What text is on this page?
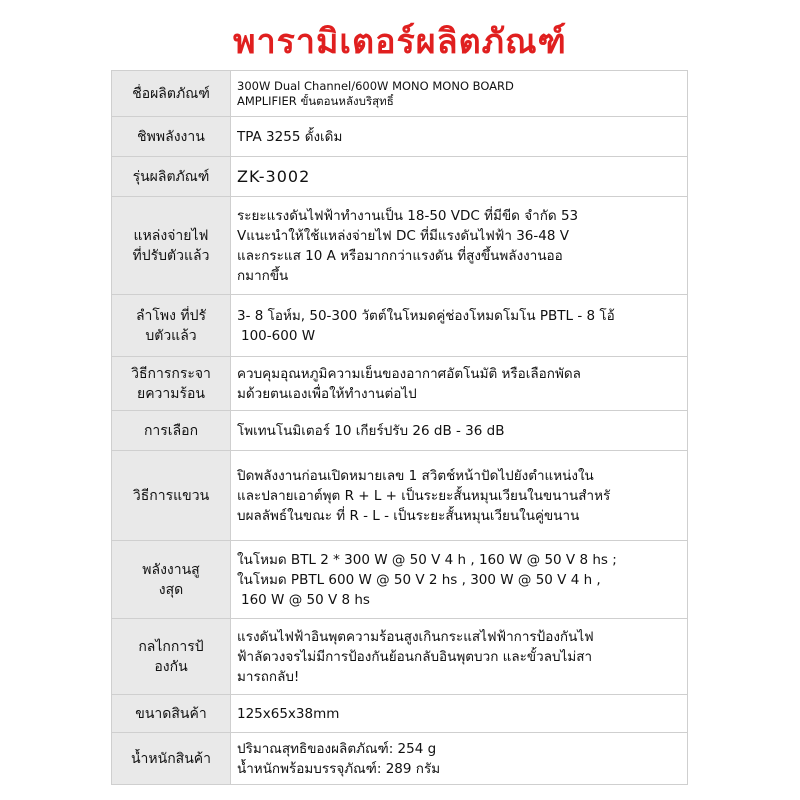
พารามิเตอร์ผลิตภัณฑ์
ชื่อผลิตภัณฑ์	300W Dual Channel/600W MONO MONO BOARD
AMPLIFIER ขั้นตอนหลังบริสุทธิ์

ชิพพลังงาน	TPA 3255 ดั้งเดิม

รุ่นผลิตภัณฑ์	ZK-3002

แหล่งจ่ายไฟ
ที่ปรับตัวแล้ว	ระยะแรงดันไฟฟ้าทำงานเป็น 18-50 VDC ที่มีขีด จำกัด 53
Vแนะนำให้ใช้แหล่งจ่ายไฟ DC ที่มีแรงดันไฟฟ้า 36-48 V
และกระแส 10 A หรือมากกว่าแรงดัน ที่สูงขึ้นพลังงานออ
กมากขึ้น

ลำโพง ที่ปรั
บตัวแล้ว	3- 8 โอห์ม, 50-300 วัตต์ในโหมดคู่ช่องโหมดโมโน PBTL - 8 โอ้
100-600 W

วิธีการกระจา
ยความร้อน	ควบคุมอุณหภูมิความเย็นของอากาศอัตโนมัติ หรือเลือกพัดล
มด้วยตนเองเพื่อให้ทำงานต่อไป

การเลือก	โพเทนโนมิเตอร์ 10 เกียร์ปรับ 26 dB - 36 dB

วิธีการแขวน	ปิดพลังงานก่อนเปิดหมายเลข 1 สวิตช์หน้าปัดไปยังตำแหน่งใน
และปลายเอาต์พุต R + L + เป็นระยะสั้นหมุนเวียนในขนานสำหรั
บผลลัพธ์ในขณะ ที่ R - L - เป็นระยะสั้นหมุนเวียนในคู่ขนาน

พลังงานสู
งสุด	ในโหมด BTL 2 * 300 W @ 50 V 4 h , 160 W @ 50 V 8 hs ;
ในโหมด PBTL 600 W @ 50 V 2 hs , 300 W @ 50 V 4 h ,
160 W @ 50 V 8 hs

กลไกการป้
องกัน	แรงดันไฟฟ้าอินพุตความร้อนสูงเกินกระแสไฟฟ้าการป้องกันไฟ
ฟ้าลัดวงจรไม่มีการป้องกันย้อนกลับอินพุตบวก และขั้วลบไม่สา
มารถกลับ!

ขนาดสินค้า	125x65x38mm

น้ำหนักสินค้า	ปริมาณสุทธิของผลิตภัณฑ์: 254 g
น้ำหนักพร้อมบรรจุภัณฑ์: 289 กรัม
